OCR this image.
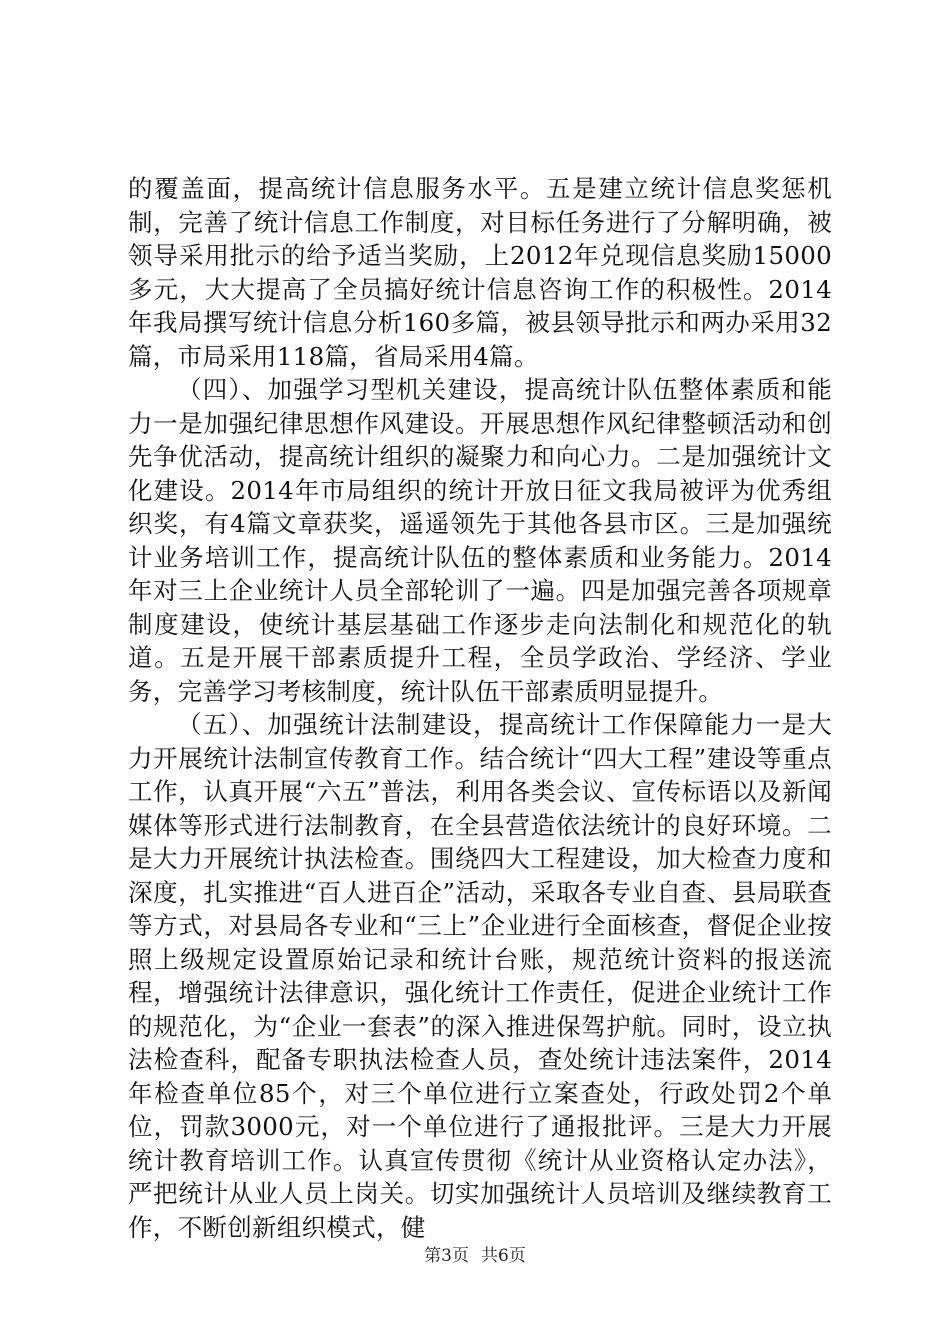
的覆盖面，提高统计信息服务水平。五是建立统计信息奖惩机制，完善了统计信息工作制度，对目标任务进行了分解明确，被领导采用批示的给予适当奖励，上2012年兑现信息奖励15000多元，大大提高了全员搞好统计信息咨询工作的积极性。2014年我局撰写统计信息分析160多篇，被县领导批示和两办采用32篇，市局采用118篇，省局采用4篇。

（四）、加强学习型机关建设，提高统计队伍整体素质和能力一是加强纪律思想作风建设。开展思想作风纪律整顿活动和创先争优活动，提高统计组织的凝聚力和向心力。二是加强统计文化建设。2014年市局组织的统计开放日征文我局被评为优秀组织奖，有4篇文章获奖，遥遥领先于其他各县市区。三是加强统计业务培训工作，提高统计队伍的整体素质和业务能力。2014年对三上企业统计人员全部轮训了一遍。四是加强完善各项规章制度建设，使统计基层基础工作逐步走向法制化和规范化的轨道。五是开展干部素质提升工程，全员学政治、学经济、学业务，完善学习考核制度，统计队伍干部素质明显提升。

（五）、加强统计法制建设，提高统计工作保障能力一是大力开展统计法制宣传教育工作。结合统计“四大工程”建设等重点工作，认真开展“六五”普法，利用各类会议、宣传标语以及新闻媒体等形式进行法制教育，在全县营造依法统计的良好环境。二是大力开展统计执法检查。围绕四大工程建设，加大检查力度和深度，扎实推进“百人进百企”活动，采取各专业自查、县局联查等方式，对县局各专业和“三上”企业进行全面核查，督促企业按照上级规定设置原始记录和统计台账，规范统计资料的报送流程，增强统计法律意识，强化统计工作责任，促进企业统计工作的规范化，为“企业一套表”的深入推进保驾护航。同时，设立执法检查科，配备专职执法检查人员，查处统计违法案件，2014年检查单位85个，对三个单位进行立案查处，行政处罚2个单位，罚款3000元，对一个单位进行了通报批评。三是大力开展统计教育培训工作。认真宣传贯彻《统计从业资格认定办法》，严把统计从业人员上岗关。切实加强统计人员培训及继续教育工作，不断创新组织模式，健

第3页 共6页
